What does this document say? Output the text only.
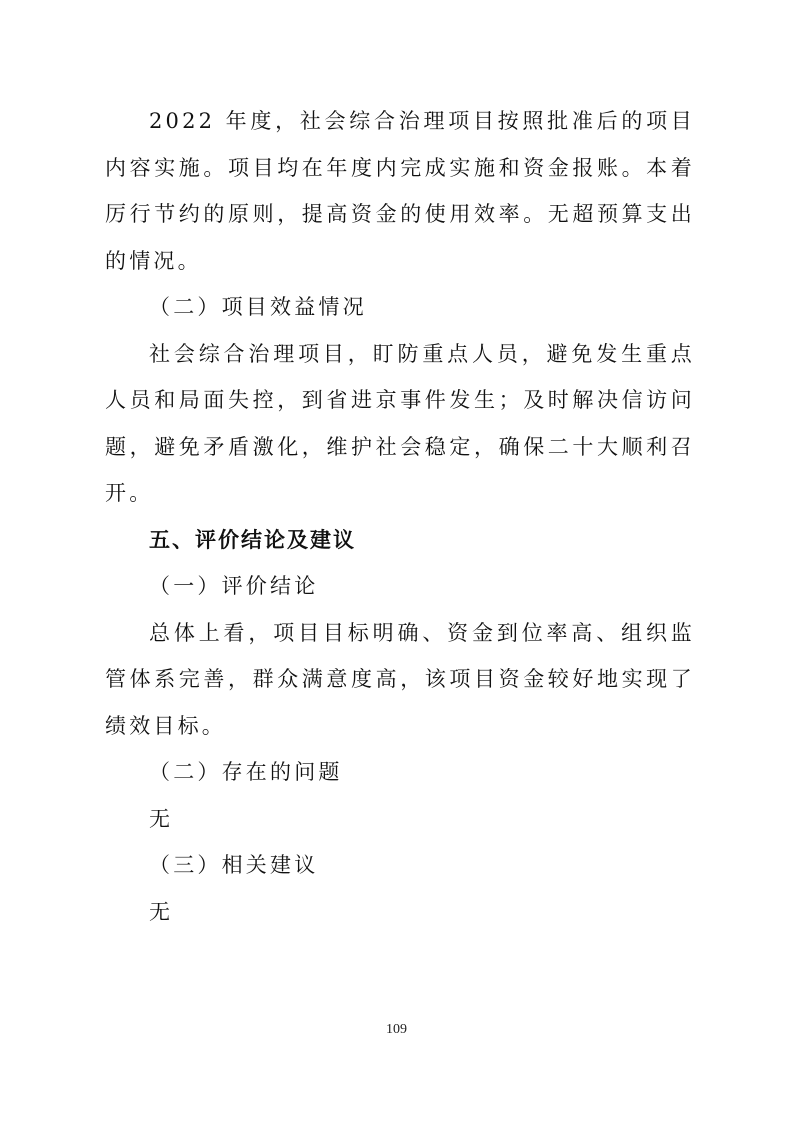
2022 年度，社会综合治理项目按照批准后的项目内容实施。项目均在年度内完成实施和资金报账。本着厉行节约的原则，提高资金的使用效率。无超预算支出的情况。

（二）项目效益情况

社会综合治理项目，盯防重点人员，避免发生重点人员和局面失控，到省进京事件发生；及时解决信访问题，避免矛盾激化，维护社会稳定，确保二十大顺利召开。

五、评价结论及建议

（一）评价结论

总体上看，项目目标明确、资金到位率高、组织监管体系完善，群众满意度高，该项目资金较好地实现了绩效目标。

（二）存在的问题

无

（三）相关建议

无

109
